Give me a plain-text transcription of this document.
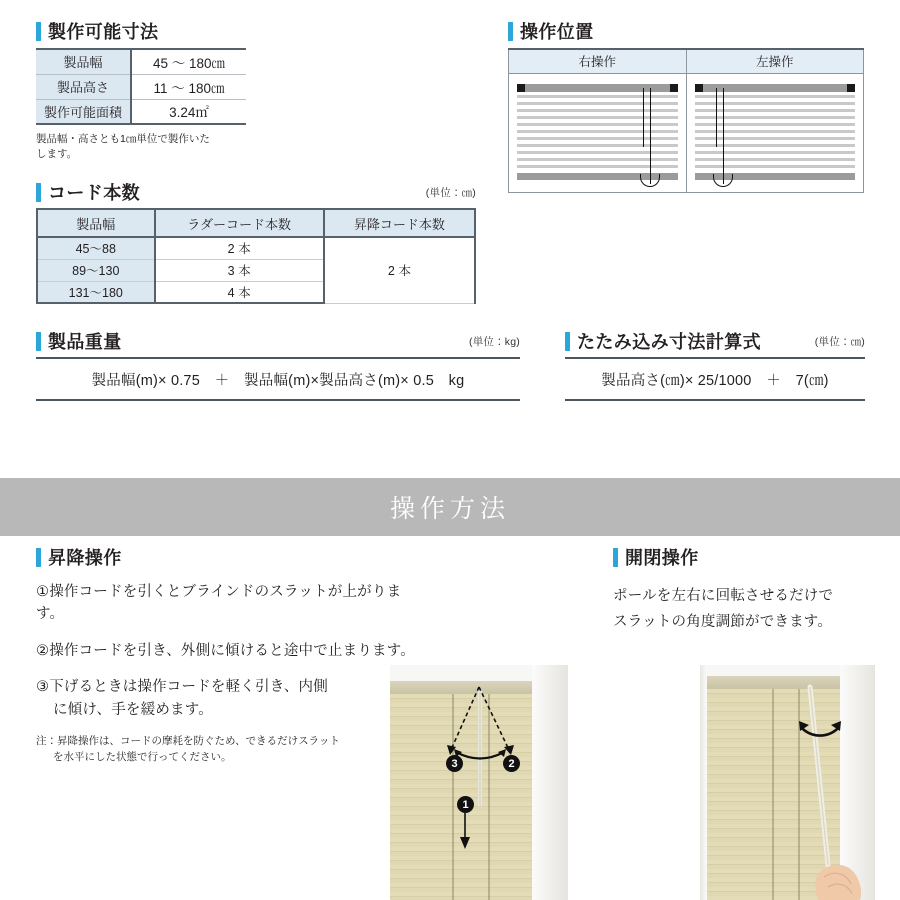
製作可能寸法
製品幅	45 〜 180㎝
製品高さ	11 〜 180㎝
製作可能面積	3.24㎡
製品幅・高さとも1㎝単位で製作いた
します。
コード本数	(単位：㎝)
製品幅	ラダーコード本数	昇降コード本数
45〜88	2 本	2 本
89〜130	3 本	
131〜180	4 本	
操作位置
右操作	左操作

製品重量	(単位：kg)
製品幅(m)× 0.75　＋　製品幅(m)×製品高さ(m)× 0.5　kg
たたみ込み寸法計算式	(単位：㎝)
製品高さ(㎝)× 25/1000　＋　7(㎝)
操作方法
昇降操作
①操作コードを引くとブラインドのスラットが上がります。
②操作コードを引き、外側に傾けると途中で止まります。
③下げるときは操作コードを軽く引き、内側
に傾け、手を緩めます。
注：昇降操作は、コードの摩耗を防ぐため、できるだけスラット
を水平にした状態で行ってください。
開閉操作
ポールを左右に回転させるだけで
スラットの角度調節ができます。
3	2
1
